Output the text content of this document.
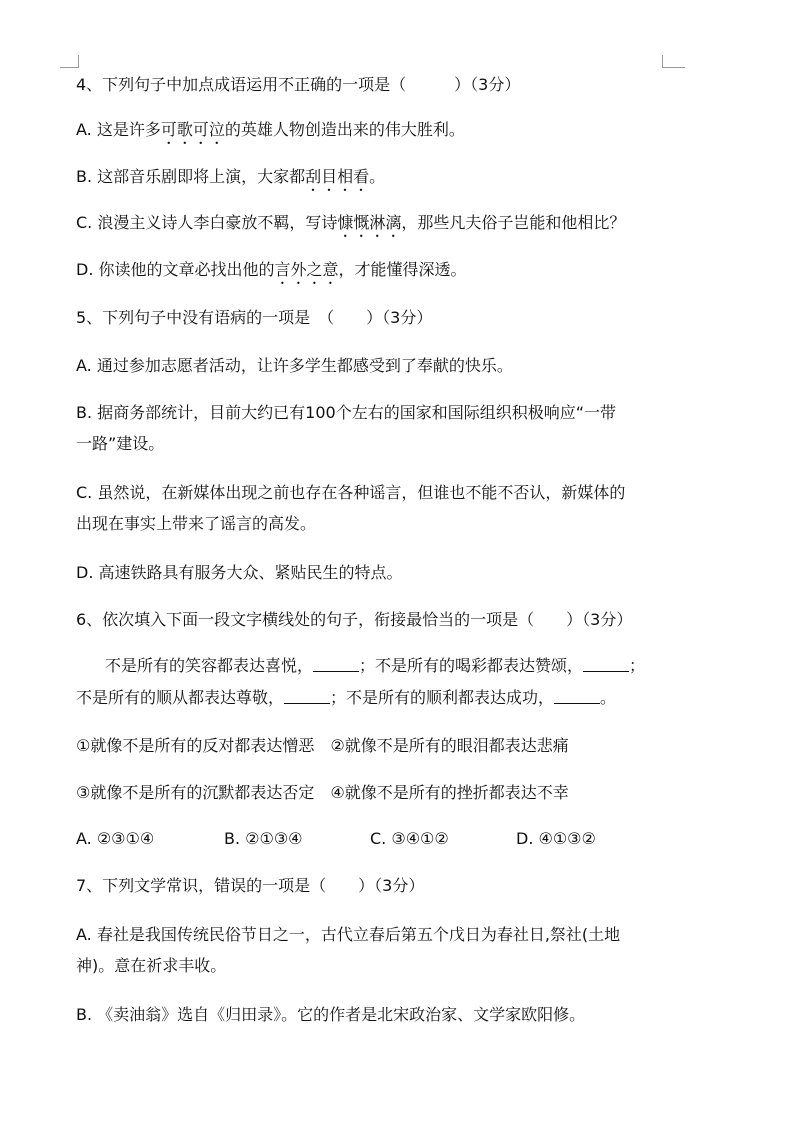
4、下列句子中加点成语运用不正确的一项是（　　　）（3分）
A. 这是许多可歌可泣的英雄人物创造出来的伟大胜利。
B. 这部音乐剧即将上演，大家都刮目相看。
C. 浪漫主义诗人李白豪放不羁，写诗慷慨淋漓，那些凡夫俗子岂能和他相比？
D. 你读他的文章必找出他的言外之意，才能懂得深透。
5、下列句子中没有语病的一项是　（　　）（3分）
A. 通过参加志愿者活动，让许多学生都感受到了奉献的快乐。
B. 据商务部统计，目前大约已有100个左右的国家和国际组织积极响应“一带
一路”建设。
C. 虽然说，在新媒体出现之前也存在各种谣言，但谁也不能不否认，新媒体的
出现在事实上带来了谣言的高发。
D. 高速铁路具有服务大众、紧贴民生的特点。
6、依次填入下面一段文字横线处的句子，衔接最恰当的一项是（　　）（3分）
不是所有的笑容都表达喜悦，	；不是所有的喝彩都表达赞颂，	；
不是所有的顺从都表达尊敬，	；不是所有的顺利都表达成功，	。
①就像不是所有的反对都表达憎恶　②就像不是所有的眼泪都表达悲痛
③就像不是所有的沉默都表达否定　④就像不是所有的挫折都表达不幸
A. ②③①④	B. ②①③④	C. ③④①②	D. ④①③②
7、下列文学常识，错误的一项是（　　）（3分）
A. 春社是我国传统民俗节日之一，古代立春后第五个戊日为春社日,祭社(土地
神)。意在祈求丰收。
B. 《卖油翁》选自《归田录》。它的作者是北宋政治家、文学家欧阳修。
